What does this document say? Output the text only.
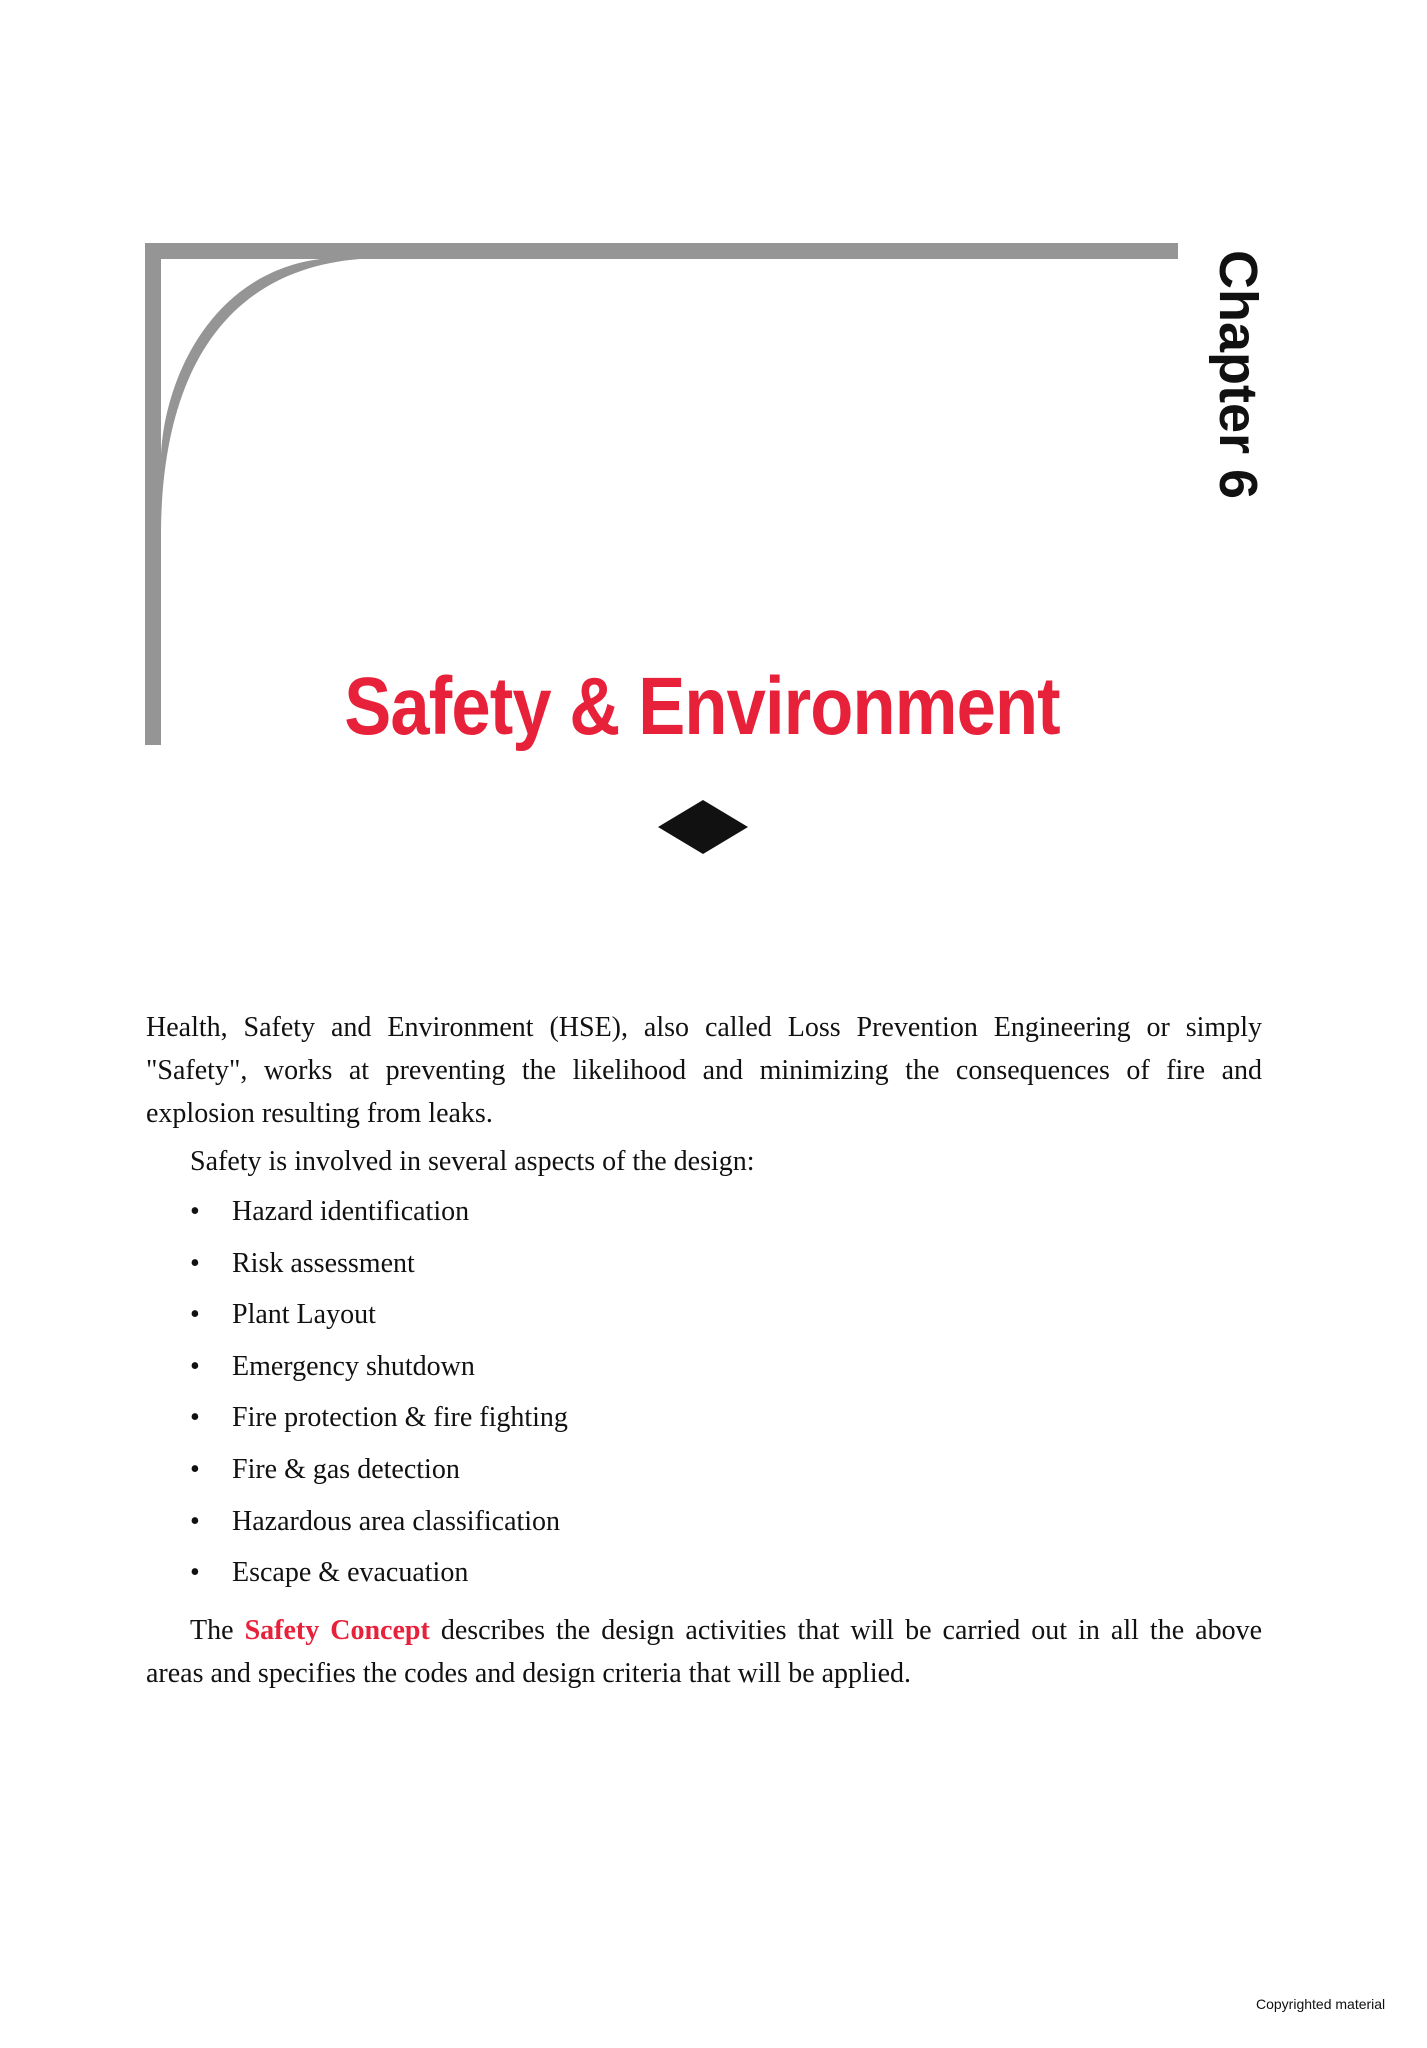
Chapter 6
Safety & Environment

Health, Safety and Environment (HSE), also called Loss Prevention Engineering or simply "Safety", works at preventing the likelihood and minimizing the consequences of fire and explosion resulting from leaks.

Safety is involved in several aspects of the design:
•	Hazard identification
•	Risk assessment
•	Plant Layout
•	Emergency shutdown
•	Fire protection & fire fighting
•	Fire & gas detection
•	Hazardous area classification
•	Escape & evacuation

The Safety Concept describes the design activities that will be carried out in all the above areas and specifies the codes and design criteria that will be applied.

Copyrighted material
